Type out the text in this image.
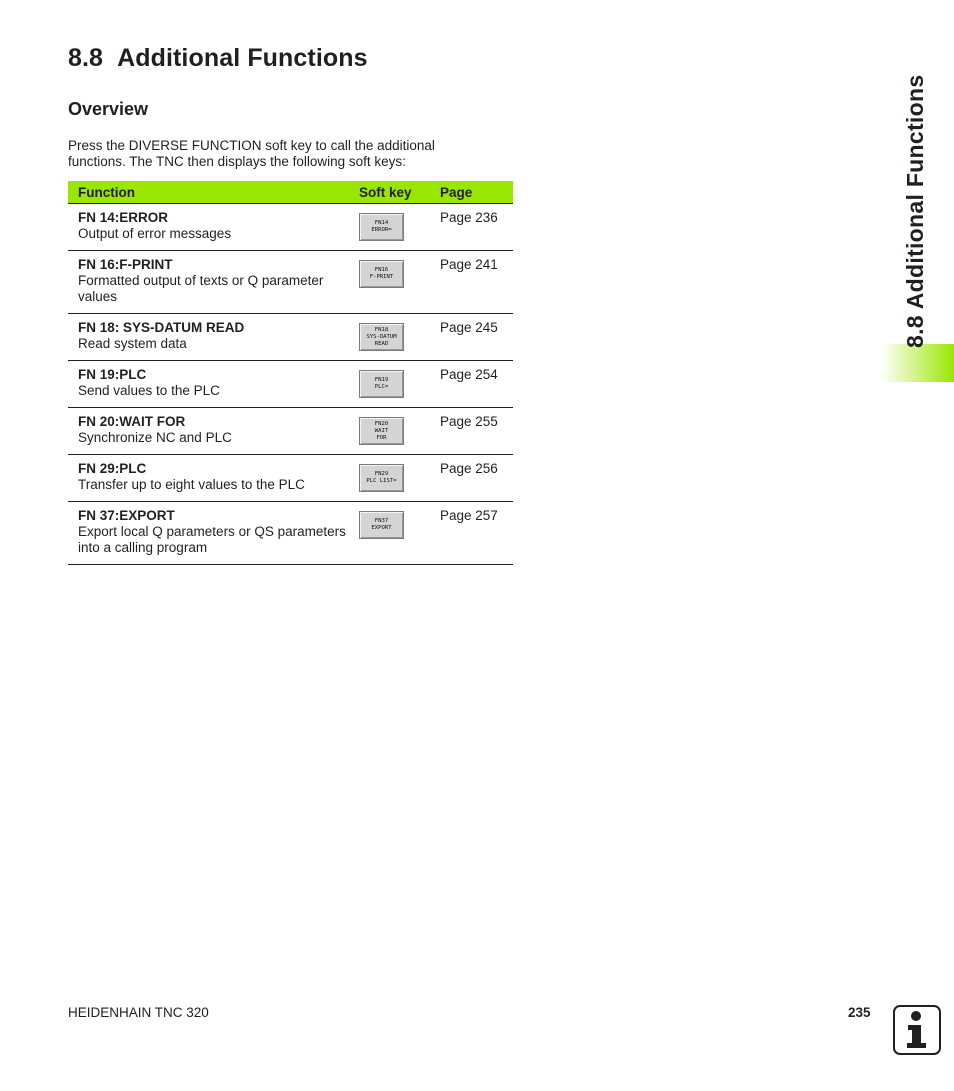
8.8 Additional Functions
Overview

Press the DIVERSE FUNCTION soft key to call the additional functions. The TNC then displays the following soft keys:

Function	Soft key	Page

FN 14:ERROR
Output of error messages	FN14
ERROR=	Page 236

FN 16:F-PRINT
Formatted output of texts or Q parameter values	FN16
F-PRINT	Page 241

FN 18: SYS-DATUM READ
Read system data	FN18
SYS-DATUM
READ	Page 245

FN 19:PLC
Send values to the PLC	FN19
PLC=	Page 254

FN 20:WAIT FOR
Synchronize NC and PLC	FN20
WAIT
FOR	Page 255

FN 29:PLC
Transfer up to eight values to the PLC	FN29
PLC LIST=	Page 256

FN 37:EXPORT
Export local Q parameters or QS parameters into a calling program	FN37
EXPORT	Page 257
8.8 Additional Functions
HEIDENHAIN TNC 320	235
